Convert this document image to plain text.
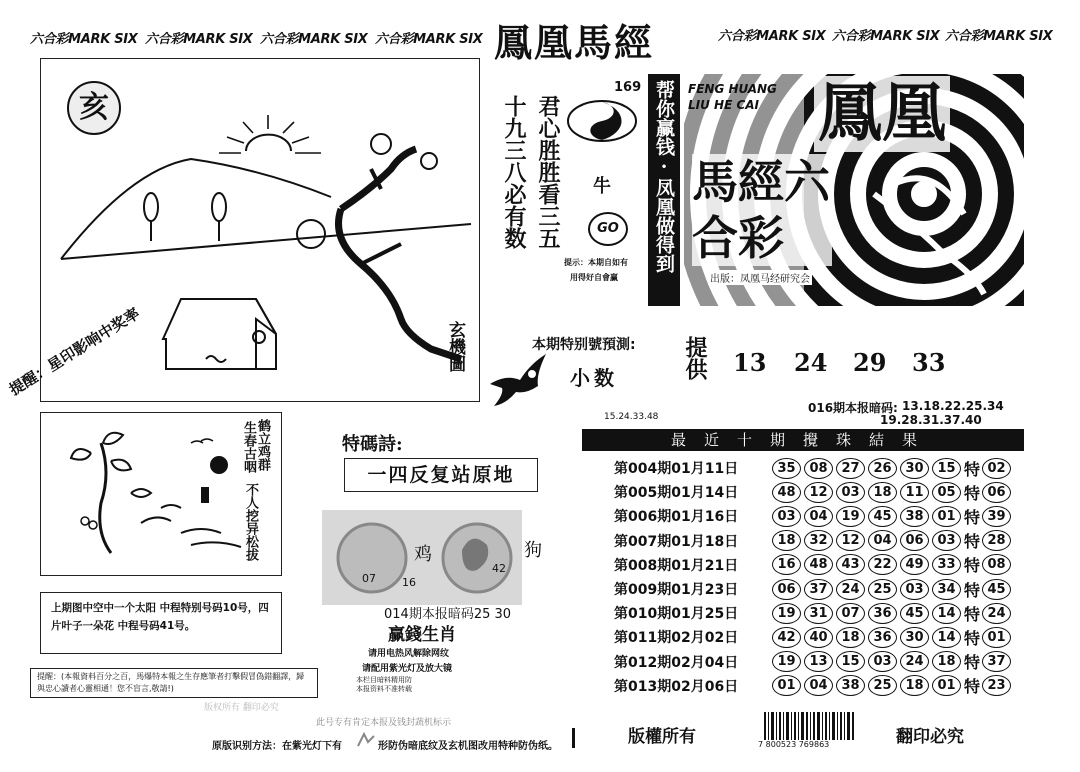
六合彩MARK SIX 六合彩MARK SIX 六合彩MARK SIX 六合彩MARK SIX 鳳凰馬經	六合彩MARK SIX 六合彩MARK SIX 六合彩MARK SIX
亥
玄機圖
提醒：星印影响中奖率
君心胜胜看三五
十九三八必有数
169
牛
GO
提示：本期自如有
用得好自會赢
帮你赢钱·凤凰做得到	FENG HUANG
LIU HE CAI 鳳凰
馬經六合彩
出版：凤凰马经研究会
本期特别號預測:
小数	提供 13 24 29 33
15.24.33.48
016期本报暗码: 13.18.22.25.34
19.28.31.37.40
最近十期攪珠結果
第004期01月11日	35	08	27	26	30	15 特 02
第005期01月14日	48	12	03	18	11	05 特 06
第006期01月16日	03	04	19	45	38	01 特 39
第007期01月18日	18	32	12	04	06	03 特 28
第008期01月21日	16	48	43	22	49	33 特 08
第009期01月23日	06	37	24	25	03	34 特 45
第010期01月25日	19	31	07	36	45	14 特 24
第011期02月02日	42	40	18	36	30	14 特 01
第012期02月04日	19	13	15	03	24	18 特 37
第013期02月06日	01	04	38	25	18	01 特 23
鹤立鸡群
生春古咽
不人挖异松拔
上期图中空中一个太阳 中程特别号码10号，四片叶子一朵花 中程号码41号。
特碼詩:
一四反复站原地
鸡
07 16
42
狗
014期本报暗码25 30
赢錢生肖
请用电热风解除网纹
请配用紫光灯及放大镜
本栏目暗料精用防
本报资料不准转载
提醒：(本報資料百分之百，馬爆特本報之生存應筆者打擊假冒偽錯翻譯，歸與忠心讀者心靈相通！您不盲言,敬請!)
版权所有 翻印必究
此号专有肯定本报及钱封蔬机标示
原版识别方法：在紫光灯下有	形防伪暗底纹及玄机图改用特种防伪纸。	版權所有	7 800523 769863	翻印必究
